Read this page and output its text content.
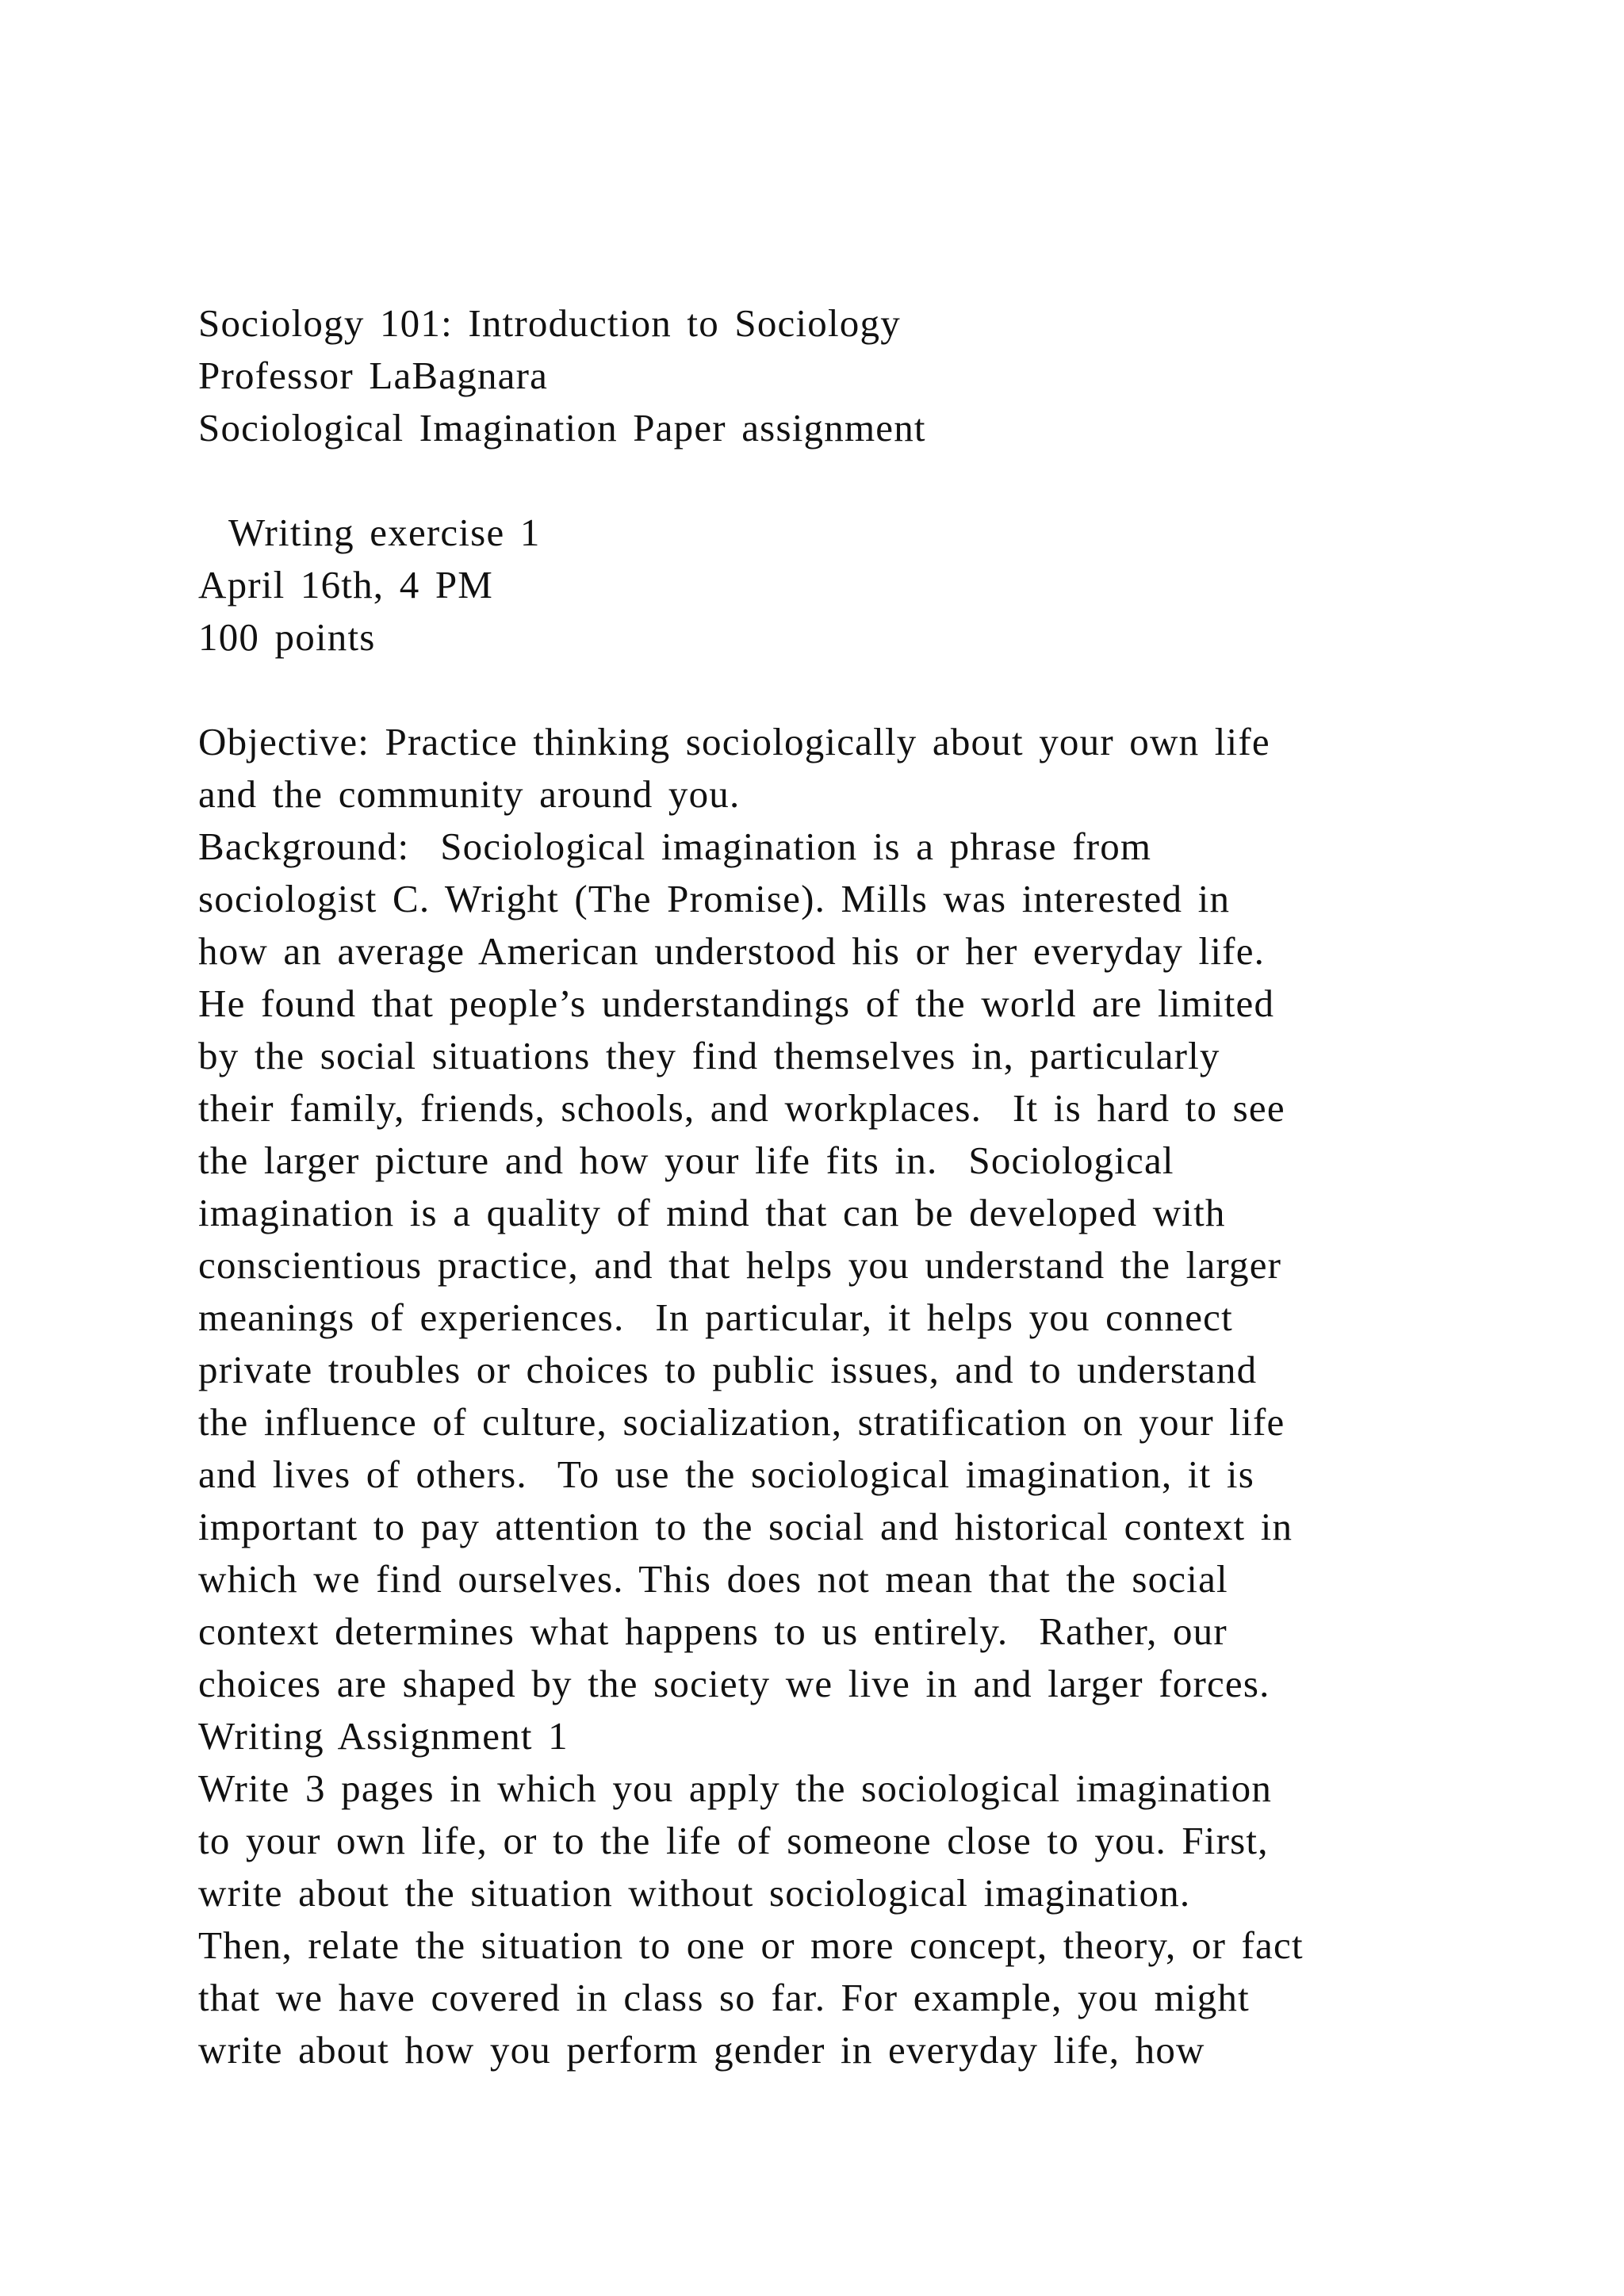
Sociology 101: Introduction to Sociology
Professor LaBagnara
Sociological Imagination Paper assignment
Writing exercise 1
April 16th, 4 PM
100 points
Objective: Practice thinking sociologically about your own life
and the community around you.
Background:  Sociological imagination is a phrase from
sociologist C. Wright (The Promise). Mills was interested in
how an average American understood his or her everyday life.
He found that people’s understandings of the world are limited
by the social situations they find themselves in, particularly
their family, friends, schools, and workplaces.  It is hard to see
the larger picture and how your life fits in.  Sociological
imagination is a quality of mind that can be developed with
conscientious practice, and that helps you understand the larger
meanings of experiences.  In particular, it helps you connect
private troubles or choices to public issues, and to understand
the influence of culture, socialization, stratification on your life
and lives of others.  To use the sociological imagination, it is
important to pay attention to the social and historical context in
which we find ourselves. This does not mean that the social
context determines what happens to us entirely.  Rather, our
choices are shaped by the society we live in and larger forces.
Writing Assignment 1
Write 3 pages in which you apply the sociological imagination
to your own life, or to the life of someone close to you. First,
write about the situation without sociological imagination.
Then, relate the situation to one or more concept, theory, or fact
that we have covered in class so far. For example, you might
write about how you perform gender in everyday life, how
